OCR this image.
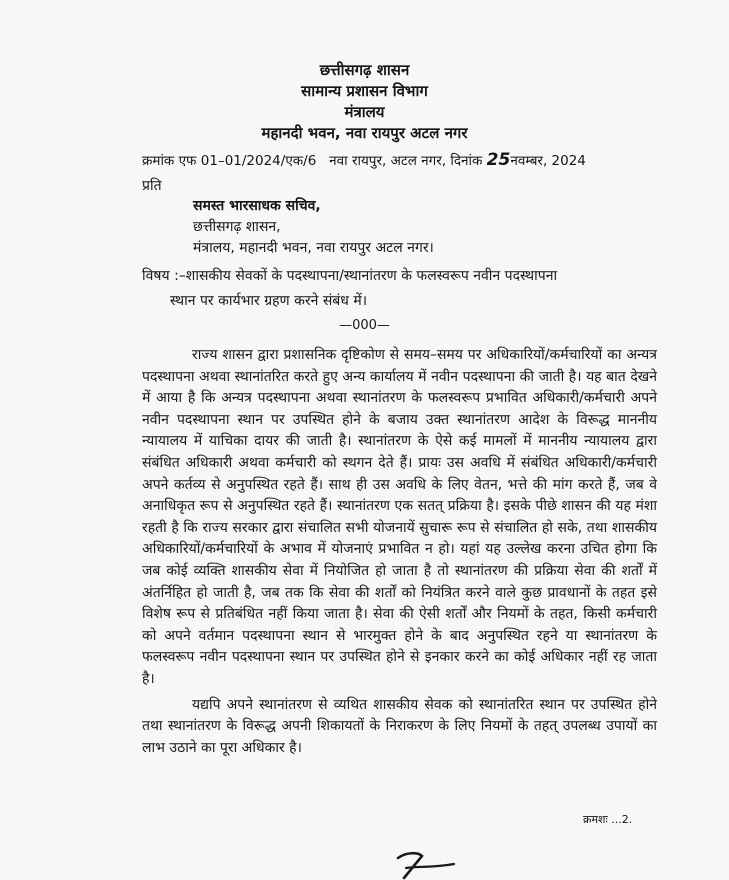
छत्तीसगढ़ शासन
सामान्य प्रशासन विभाग
मंत्रालय
महानदी भवन, नवा रायपुर अटल नगर
क्रमांक एफ 01–01/2024/एक/6 नवा रायपुर, अटल नगर, दिनांक 25नवम्बर, 2024
प्रति
समस्त भारसाधक सचिव,
छत्तीसगढ़ शासन,
मंत्रालय, महानदी भवन, नवा रायपुर अटल नगर।
विषय :–शासकीय सेवकों के पदस्थापना/स्थानांतरण के फलस्वरूप नवीन पदस्थापना
स्थान पर कार्यभार ग्रहण करने संबंध में।
—000—

राज्य शासन द्वारा प्रशासनिक दृष्टिकोण से समय–समय पर अधिकारियों/कर्मचारियों का अन्यत्र पदस्थापना अथवा स्थानांतरित करते हुए अन्य कार्यालय में नवीन पदस्थापना की जाती है। यह बात देखने में आया है कि अन्यत्र पदस्थापना अथवा स्थानांतरण के फलस्वरूप प्रभावित अधिकारी/कर्मचारी अपने नवीन पदस्थापना स्थान पर उपस्थित होने के बजाय उक्त स्थानांतरण आदेश के विरूद्ध माननीय न्यायालय में याचिका दायर की जाती है। स्थानांतरण के ऐसे कई मामलों में माननीय न्यायालय द्वारा संबंधित अधिकारी अथवा कर्मचारी को स्थगन देते हैं। प्रायः उस अवधि में संबंधित अधिकारी/कर्मचारी अपने कर्तव्य से अनुपस्थित रहते हैं। साथ ही उस अवधि के लिए वेतन, भत्ते की मांग करते हैं, जब वे अनाधिकृत रूप से अनुपस्थित रहते हैं। स्थानांतरण एक सतत् प्रक्रिया है। इसके पीछे शासन की यह मंशा रहती है कि राज्य सरकार द्वारा संचालित सभी योजनायें सुचारू रूप से संचालित हो सके, तथा शासकीय अधिकारियों/कर्मचारियों के अभाव में योजनाएं प्रभावित न हो। यहां यह उल्लेख करना उचित होगा कि जब कोई व्यक्ति शासकीय सेवा में नियोजित हो जाता है तो स्थानांतरण की प्रक्रिया सेवा की शर्तों में अंतर्निहित हो जाती है, जब तक कि सेवा की शर्तों को नियंत्रित करने वाले कुछ प्रावधानों के तहत इसे विशेष रूप से प्रतिबंधित नहीं किया जाता है। सेवा की ऐसी शर्तों और नियमों के तहत, किसी कर्मचारी को अपने वर्तमान पदस्थापना स्थान से भारमुक्त होने के बाद अनुपस्थित रहने या स्थानांतरण के फलस्वरूप नवीन पदस्थापना स्थान पर उपस्थित होने से इनकार करने का कोई अधिकार नहीं रह जाता है।

यद्यपि अपने स्थानांतरण से व्यथित शासकीय सेवक को स्थानांतरित स्थान पर उपस्थित होने तथा स्थानांतरण के विरूद्ध अपनी शिकायतों के निराकरण के लिए नियमों के तहत् उपलब्ध उपायों का लाभ उठाने का पूरा अधिकार है।

क्रमशः ...2.
